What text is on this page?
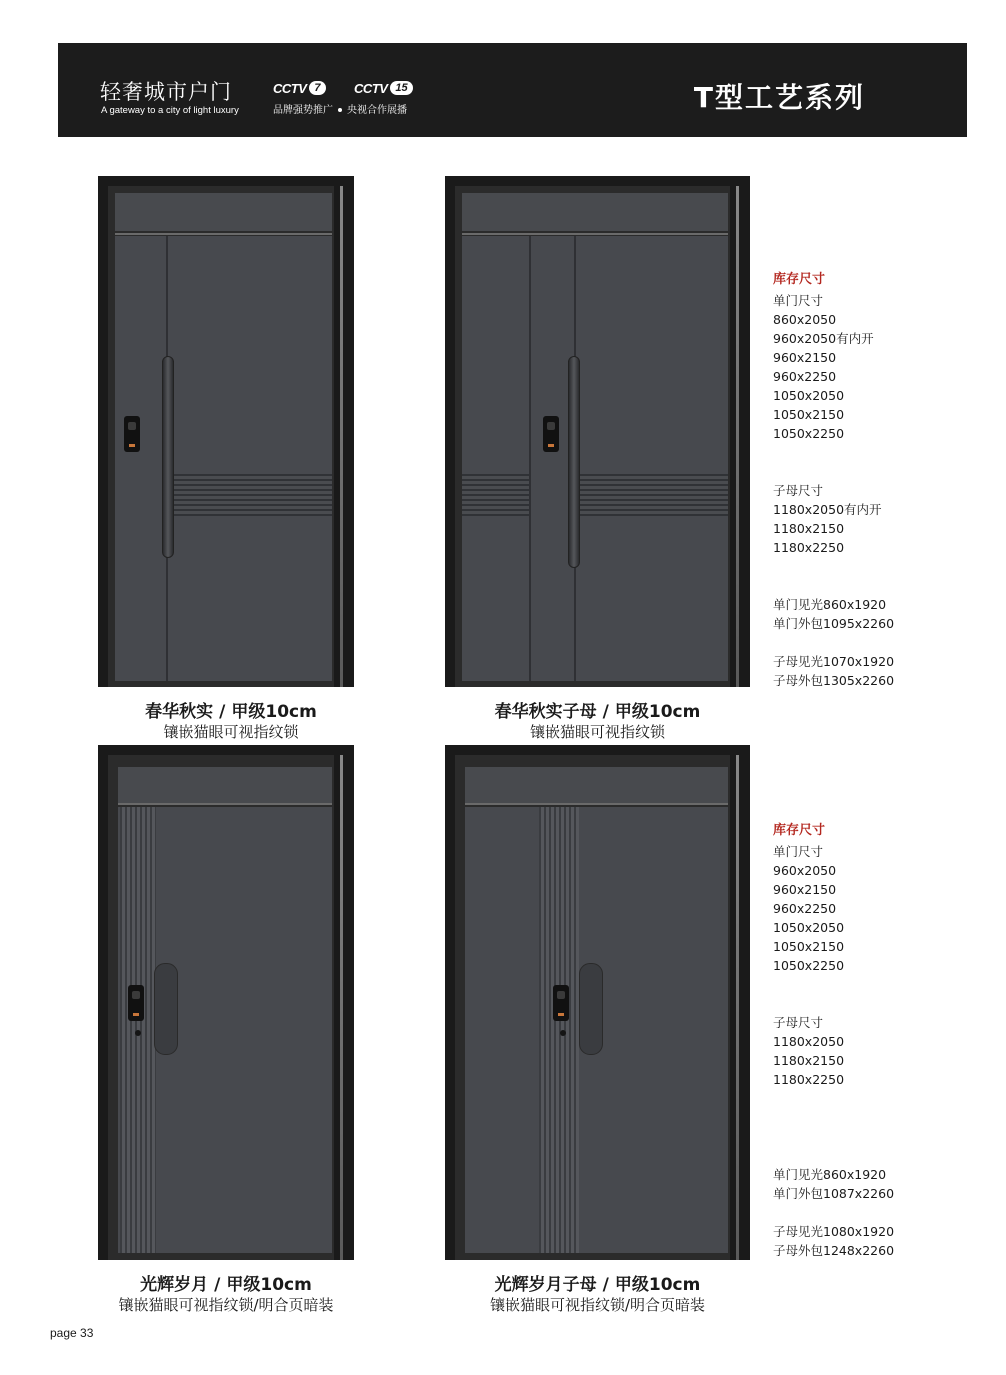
轻奢城市户门
A gateway to a city of light luxury
CCTV 7	CCTV 15
品牌强势推广 央视合作展播	T型工艺系列
春华秋实 / 甲级10cm
镶嵌猫眼可视指纹锁
春华秋实子母 / 甲级10cm
镶嵌猫眼可视指纹锁
光辉岁月 / 甲级10cm
镶嵌猫眼可视指纹锁/明合页暗装
光辉岁月子母 / 甲级10cm
镶嵌猫眼可视指纹锁/明合页暗装
库存尺寸
单门尺寸
860x2050
960x2050有内开
960x2150
960x2250
1050x2050
1050x2150
1050x2250
子母尺寸
1180x2050有内开
1180x2150
1180x2250
单门见光860x1920
单门外包1095x2260
子母见光1070x1920
子母外包1305x2260
库存尺寸
单门尺寸
960x2050
960x2150
960x2250
1050x2050
1050x2150
1050x2250
子母尺寸
1180x2050
1180x2150
1180x2250
单门见光860x1920
单门外包1087x2260
子母见光1080x1920
子母外包1248x2260
page 33
